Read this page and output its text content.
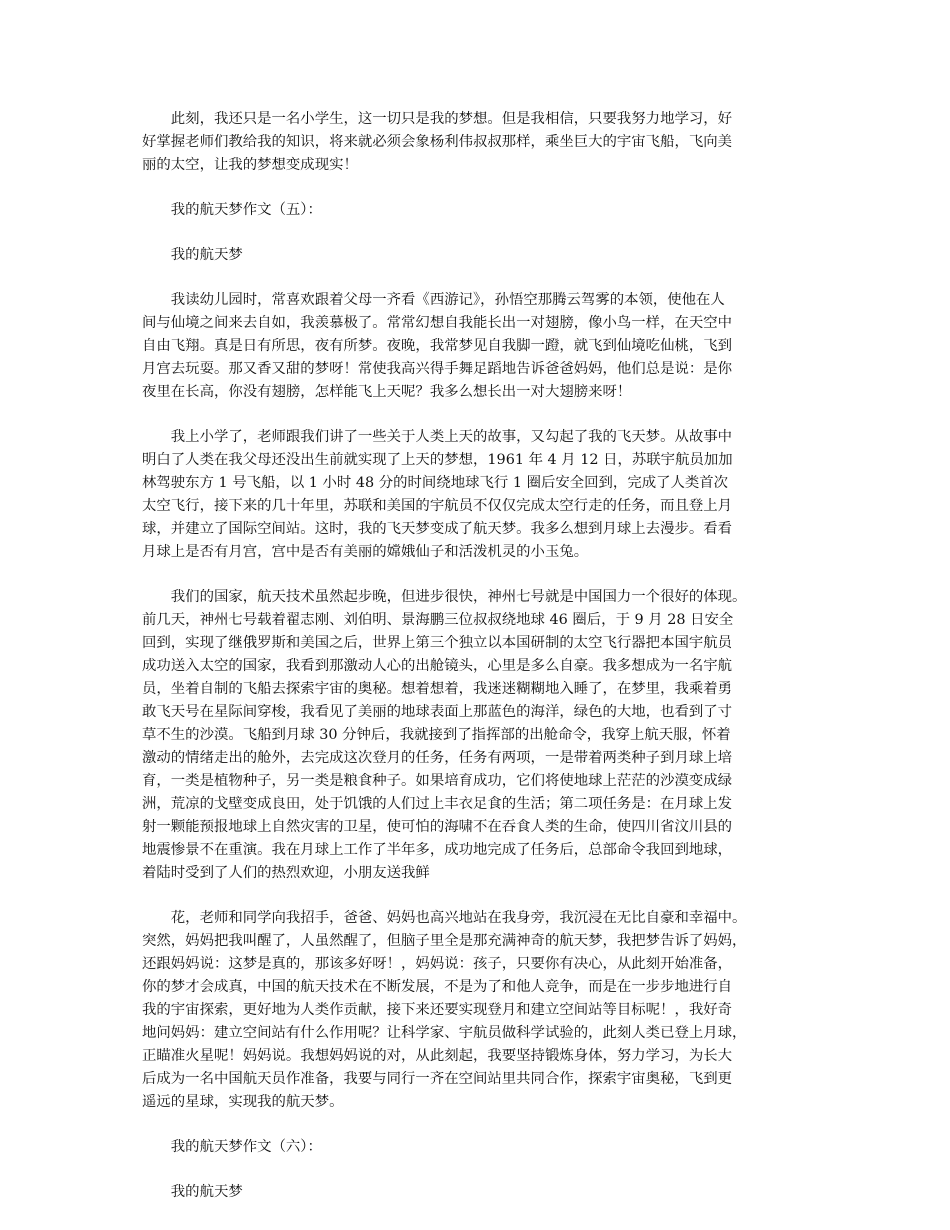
　　此刻，我还只是一名小学生，这一切只是我的梦想。但是我相信，只要我努力地学习，好
好掌握老师们教给我的知识，将来就必须会象杨利伟叔叔那样，乘坐巨大的宇宙飞船，飞向美
丽的太空，让我的梦想变成现实！
　　我的航天梦作文（五）：
　　我的航天梦
　　我读幼儿园时，常喜欢跟着父母一齐看《西游记》，孙悟空那腾云驾雾的本领，使他在人
间与仙境之间来去自如，我羡慕极了。常常幻想自我能长出一对翅膀，像小鸟一样，在天空中
自由飞翔。真是日有所思，夜有所梦。夜晚，我常梦见自我脚一蹬，就飞到仙境吃仙桃，飞到
月宫去玩耍。那又香又甜的梦呀！常使我高兴得手舞足蹈地告诉爸爸妈妈，他们总是说：是你
夜里在长高，你没有翅膀，怎样能飞上天呢？我多么想长出一对大翅膀来呀！
　　我上小学了，老师跟我们讲了一些关于人类上天的故事，又勾起了我的飞天梦。从故事中
明白了人类在我父母还没出生前就实现了上天的梦想，1961 年 4 月 12 日，苏联宇航员加加
林驾驶东方 1 号飞船，以 1 小时 48 分的时间绕地球飞行 1 圈后安全回到，完成了人类首次
太空飞行，接下来的几十年里，苏联和美国的宇航员不仅仅完成太空行走的任务，而且登上月
球，并建立了国际空间站。这时，我的飞天梦变成了航天梦。我多么想到月球上去漫步。看看
月球上是否有月宫，宫中是否有美丽的嫦娥仙子和活泼机灵的小玉兔。
　　我们的国家，航天技术虽然起步晚，但进步很快，神州七号就是中国国力一个很好的体现。
前几天，神州七号载着翟志刚、刘伯明、景海鹏三位叔叔绕地球 46 圈后，于 9 月 28 日安全
回到，实现了继俄罗斯和美国之后，世界上第三个独立以本国研制的太空飞行器把本国宇航员
成功送入太空的国家，我看到那激动人心的出舱镜头，心里是多么自豪。我多想成为一名宇航
员，坐着自制的飞船去探索宇宙的奥秘。想着想着，我迷迷糊糊地入睡了，在梦里，我乘着勇
敢飞天号在星际间穿梭，我看见了美丽的地球表面上那蓝色的海洋，绿色的大地，也看到了寸
草不生的沙漠。飞船到月球 30 分钟后，我就接到了指挥部的出舱命令，我穿上航天服，怀着
激动的情绪走出的舱外，去完成这次登月的任务，任务有两项，一是带着两类种子到月球上培
育，一类是植物种子，另一类是粮食种子。如果培育成功，它们将使地球上茫茫的沙漠变成绿
洲，荒凉的戈壁变成良田，处于饥饿的人们过上丰衣足食的生活；第二项任务是：在月球上发
射一颗能预报地球上自然灾害的卫星，使可怕的海啸不在吞食人类的生命，使四川省汶川县的
地震惨景不在重演。我在月球上工作了半年多，成功地完成了任务后，总部命令我回到地球，
着陆时受到了人们的热烈欢迎，小朋友送我鲜
　　花，老师和同学向我招手，爸爸、妈妈也高兴地站在我身旁，我沉浸在无比自豪和幸福中。
突然，妈妈把我叫醒了，人虽然醒了，但脑子里全是那充满神奇的航天梦，我把梦告诉了妈妈，
还跟妈妈说：这梦是真的，那该多好呀！，妈妈说：孩子，只要你有决心，从此刻开始准备，
你的梦才会成真，中国的航天技术在不断发展，不是为了和他人竞争，而是在一步步地进行自
我的宇宙探索，更好地为人类作贡献，接下来还要实现登月和建立空间站等目标呢！，我好奇
地问妈妈：建立空间站有什么作用呢？让科学家、宇航员做科学试验的，此刻人类已登上月球，
正瞄准火星呢！妈妈说。我想妈妈说的对，从此刻起，我要坚持锻炼身体，努力学习，为长大
后成为一名中国航天员作准备，我要与同行一齐在空间站里共同合作，探索宇宙奥秘，飞到更
遥远的星球，实现我的航天梦。
　　我的航天梦作文（六）：
　　我的航天梦
